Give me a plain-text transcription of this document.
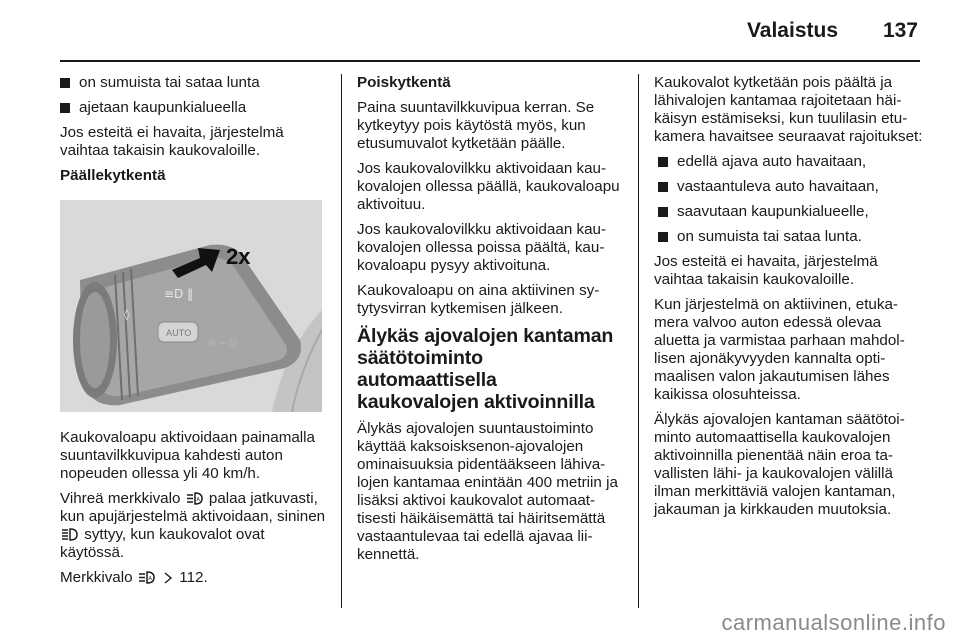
Valaistus 137
on sumuista tai sataa lunta
ajetaan kaupunkialueella

Jos esteitä ei havaita, järjestelmä vaihtaa takaisin kaukovaloille.

Päällekytkentä

≡D ‖
◊
AUTO
⊘ ⌁ ⊡
2x

Kaukovaloapu aktivoidaan painamalla suuntavilkkuvipua kahdesti auton nopeuden ollessa yli 40 km/h.

Vihreä merkkivalo	A palaa jatkuvasti, kun apujärjestelmä aktivoidaan, sininen  syttyy, kun kaukovalot ovat käytössä.

Merkkivalo	A 112.

Poiskytkentä

Paina suuntavilkkuvipua kerran. Se kytkeytyy pois käytöstä myös, kun etusumuvalot kytketään päälle.

Jos kaukovalovilkku aktivoidaan kaukovalojen ollessa päällä, kaukovaloapu aktivoituu.

Jos kaukovalovilkku aktivoidaan kaukovalojen ollessa poissa päältä, kaukovaloapu pysyy aktivoituna.

Kaukovaloapu on aina aktiivinen sytytysvirran kytkemisen jälkeen.

Älykäs ajovalojen kantaman säätötoiminto automaattisella kaukovalojen aktivoinnilla

Älykäs ajovalojen suuntaustoiminto käyttää kaksoisksenon-ajovalojen ominaisuuksia pidentääkseen lähivalojen kantamaa enintään 400 metriin ja lisäksi aktivoi kaukovalot automaattisesti häikäisemättä tai häiritsemättä vastaantulevaa tai edellä ajavaa liikennettä.

Kaukovalot kytketään pois päältä ja lähivalojen kantamaa rajoitetaan häikäisyn estämiseksi, kun tuulilasin etukamera havaitsee seuraavat rajoitukset:

edellä ajava auto havaitaan,
vastaantuleva auto havaitaan,
saavutaan kaupunkialueelle,
on sumuista tai sataa lunta.

Jos esteitä ei havaita, järjestelmä vaihtaa takaisin kaukovaloille.

Kun järjestelmä on aktiivinen, etukamera valvoo auton edessä olevaa aluetta ja varmistaa parhaan mahdollisen ajonäkyvyyden kannalta optimaalisen valon jakautumisen lähes kaikissa olosuhteissa.

Älykäs ajovalojen kantaman säätötoiminto automaattisella kaukovalojen aktivoinnilla pienentää näin eroa tavallisten lähi- ja kaukovalojen välillä ilman merkittäviä valojen kantaman, jakauman ja kirkkauden muutoksia.

carmanualsonline.info
